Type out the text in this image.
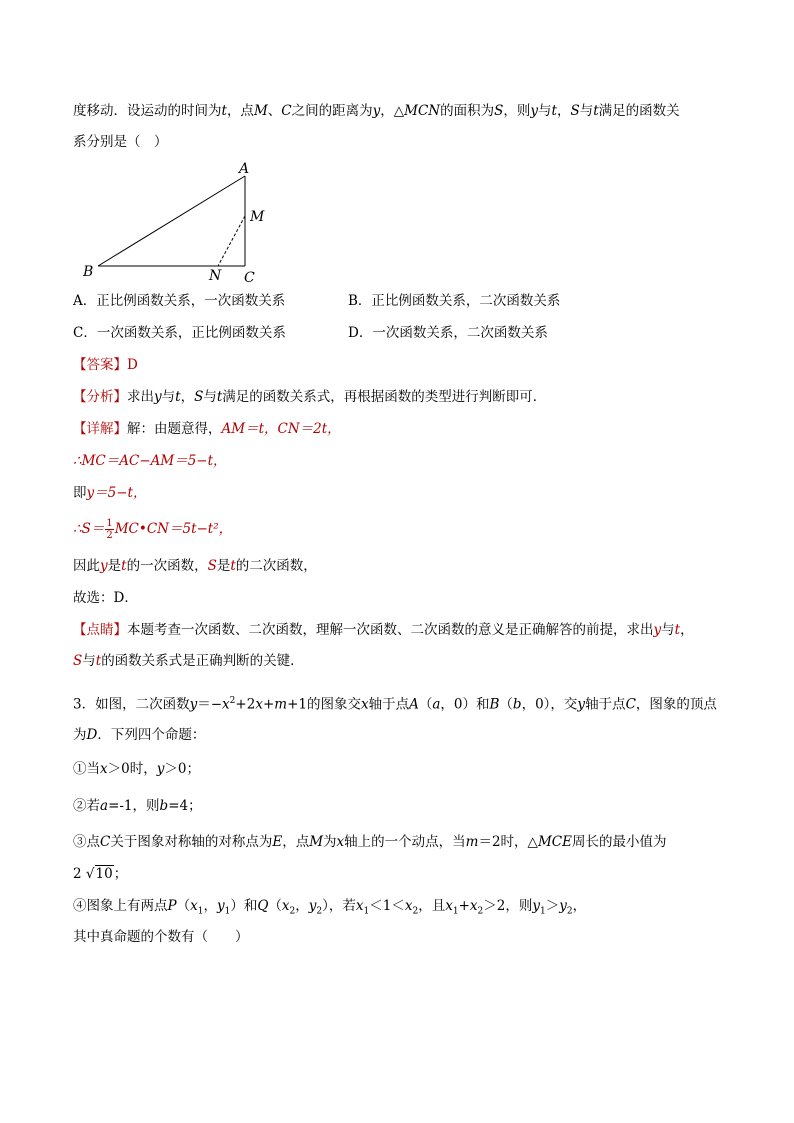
度移动．设运动的时间为t，点M、C之间的距离为y，△MCN的面积为S，则y与t，S与t满足的函数关
系分别是（　）
A
B	C
M
N
A．正比例函数关系，一次函数关系	B．正比例函数关系，二次函数关系
C．一次函数关系，正比例函数关系	D．一次函数关系，二次函数关系
【答案】D
【分析】求出y与t，S与t满足的函数关系式，再根据函数的类型进行判断即可．
【详解】解：由题意得，AM＝t，CN＝2t，
∴MC＝AC−AM＝5−t，
即y＝5−t，
∴S＝ $\frac{1}{2}$ MC•CN＝5t−t²，
因此y是t的一次函数，S是t的二次函数，
故选：D．
【点睛】本题考查一次函数、二次函数，理解一次函数、二次函数的意义是正确解答的前提，求出y与t，
S与t的函数关系式是正确判断的关键．
3．如图，二次函数$y=-x^2+2x+m+1$的图象交x轴于点A（a，0）和B（b，0），交y轴于点C，图象的顶点
为D．下列四个命题：
①当x＞0时，y＞0；
②若a=-1，则b=4；
③点C关于图象对称轴的对称点为E，点M为x轴上的一个动点，当m＝2时，△MCE周长的最小值为
2 √10；
④图象上有两点$P(x_1$，$y_1$）和$Q(x_2$，$y_2$），若$x_1<1<x_2$，且$x_1+x_2>2$，则$y_1>y_2$，
其中真命题的个数有（　　）
